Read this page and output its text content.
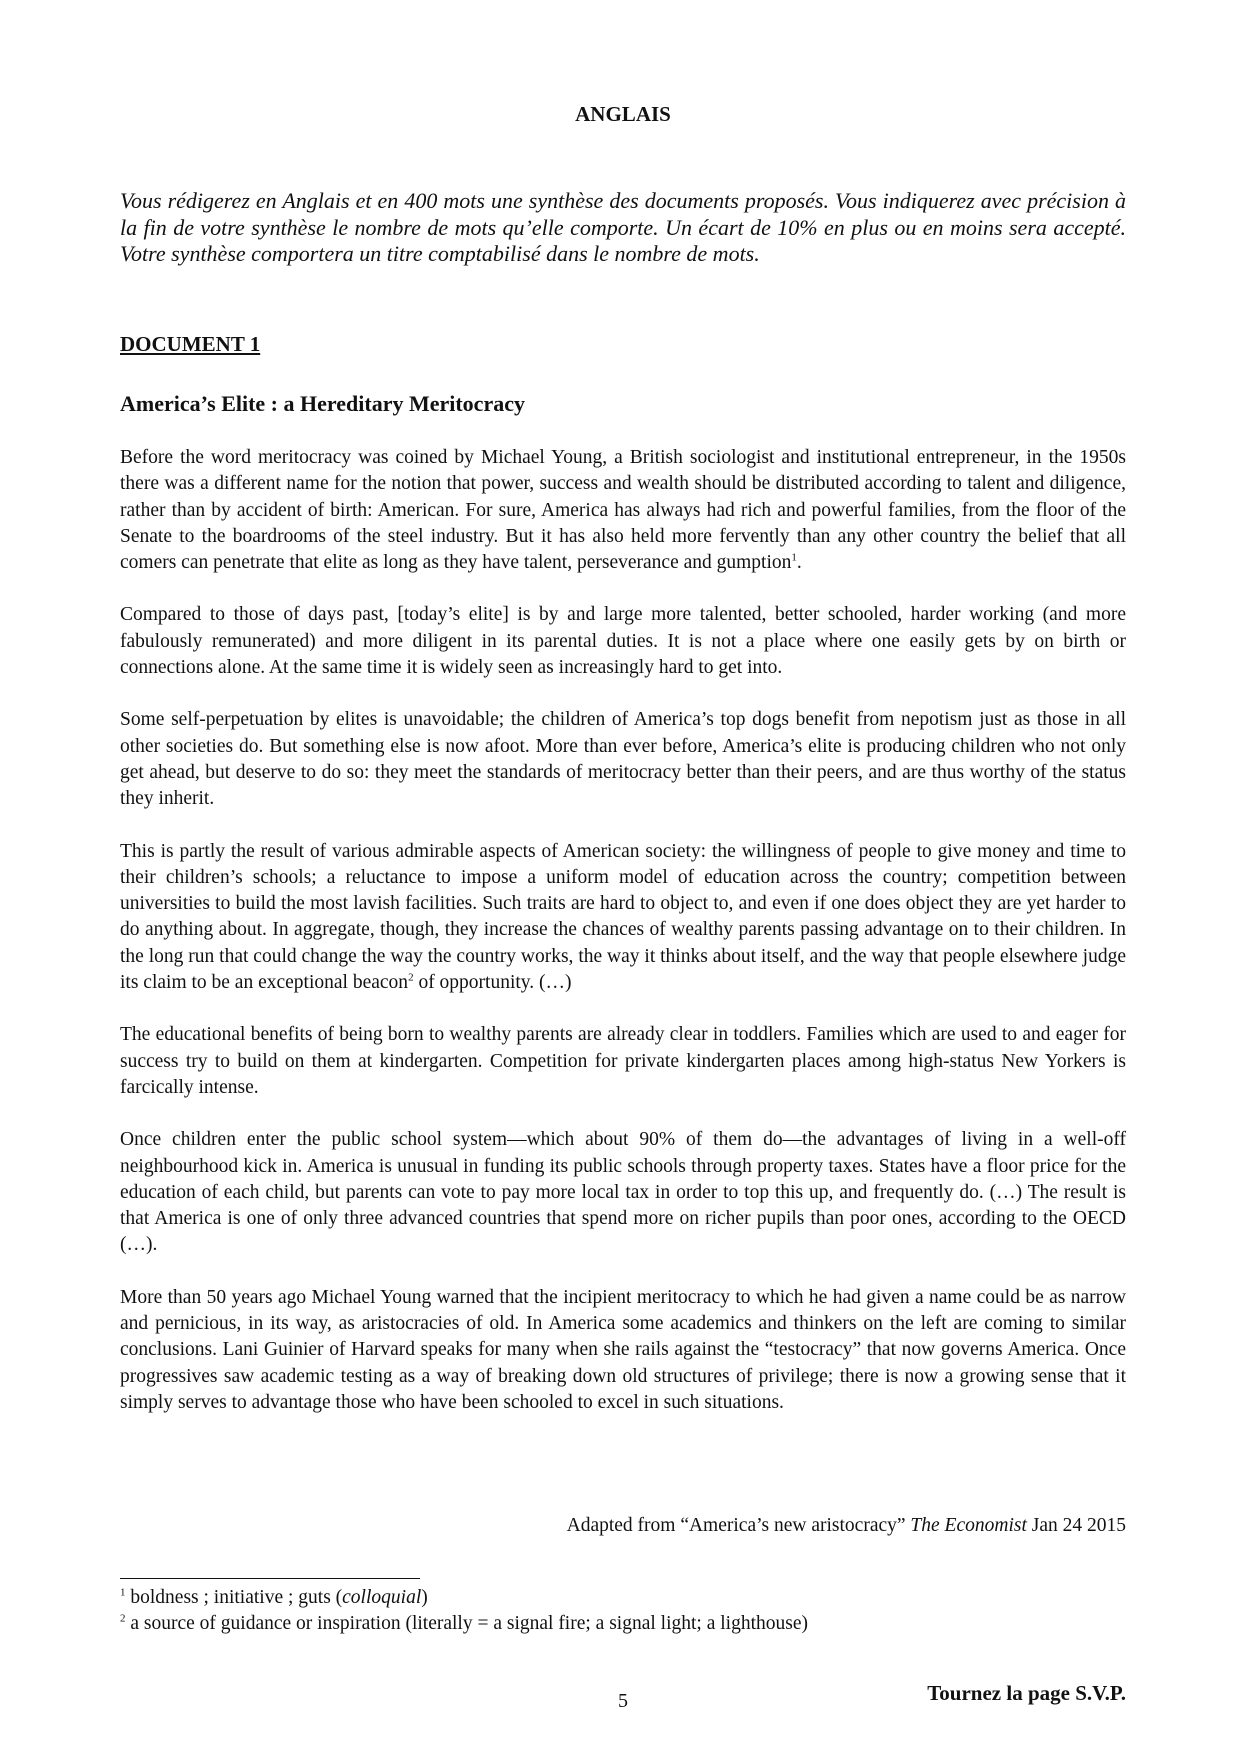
ANGLAIS
Vous rédigerez en Anglais et en 400 mots une synthèse des documents proposés. Vous indiquerez avec précision à la fin de votre synthèse le nombre de mots qu’elle comporte. Un écart de 10% en plus ou en moins sera accepté. Votre synthèse comportera un titre comptabilisé dans le nombre de mots.
DOCUMENT 1
America’s Elite : a Hereditary Meritocracy

Before the word meritocracy was coined by Michael Young, a British sociologist and institutional entrepreneur, in the 1950s there was a different name for the notion that power, success and wealth should be distributed according to talent and diligence, rather than by accident of birth: American. For sure, America has always had rich and powerful families, from the floor of the Senate to the boardrooms of the steel industry. But it has also held more fervently than any other country the belief that all comers can penetrate that elite as long as they have talent, perseverance and gumption$^1$.

Compared to those of days past, [today’s elite] is by and large more talented, better schooled, harder working (and more fabulously remunerated) and more diligent in its parental duties. It is not a place where one easily gets by on birth or connections alone. At the same time it is widely seen as increasingly hard to get into.

Some self-perpetuation by elites is unavoidable; the children of America’s top dogs benefit from nepotism just as those in all other societies do. But something else is now afoot. More than ever before, America’s elite is producing children who not only get ahead, but deserve to do so: they meet the standards of meritocracy better than their peers, and are thus worthy of the status they inherit.

This is partly the result of various admirable aspects of American society: the willingness of people to give money and time to their children’s schools; a reluctance to impose a uniform model of education across the country; competition between universities to build the most lavish facilities. Such traits are hard to object to, and even if one does object they are yet harder to do anything about. In aggregate, though, they increase the chances of wealthy parents passing advantage on to their children. In the long run that could change the way the country works, the way it thinks about itself, and the way that people elsewhere judge its claim to be an exceptional beacon$^2$ of opportunity. (…)

The educational benefits of being born to wealthy parents are already clear in toddlers. Families which are used to and eager for success try to build on them at kindergarten. Competition for private kindergarten places among high-status New Yorkers is farcically intense.

Once children enter the public school system—which about 90% of them do—the advantages of living in a well-off neighbourhood kick in. America is unusual in funding its public schools through property taxes. States have a floor price for the education of each child, but parents can vote to pay more local tax in order to top this up, and frequently do. (…) The result is that America is one of only three advanced countries that spend more on richer pupils than poor ones, according to the OECD (…).

More than 50 years ago Michael Young warned that the incipient meritocracy to which he had given a name could be as narrow and pernicious, in its way, as aristocracies of old. In America some academics and thinkers on the left are coming to similar conclusions. Lani Guinier of Harvard speaks for many when she rails against the “testocracy” that now governs America. Once progressives saw academic testing as a way of breaking down old structures of privilege; there is now a growing sense that it simply serves to advantage those who have been schooled to excel in such situations.

Adapted from “America’s new aristocracy” The Economist Jan 24 2015
$^1$ boldness ; initiative ; guts (colloquial)
$^2$ a source of guidance or inspiration (literally = a signal fire; a signal light; a lighthouse)
Tournez la page S.V.P.
5
